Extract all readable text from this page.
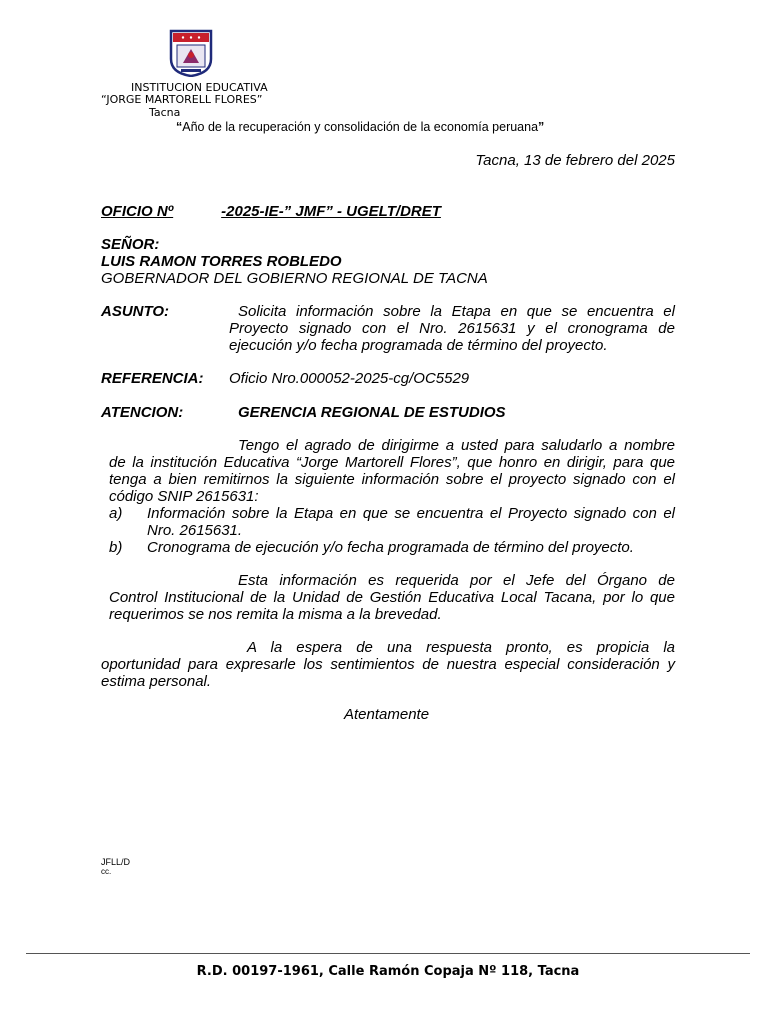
INSTITUCION EDUCATIVA
“JORGE MARTORELL FLORES”
Tacna
“Año de la recuperación y consolidación de la economía peruana”
Tacna, 13 de febrero del 2025
OFICIO Nº	-2025-IE-” JMF” - UGELT/DRET
SEÑOR:
LUIS RAMON TORRES ROBLEDO
GOBERNADOR DEL GOBIERNO REGIONAL DE TACNA
ASUNTO:	Solicita información sobre la Etapa en que se encuentra el
Proyecto signado con el Nro. 2615631 y el cronograma de
ejecución y/o fecha programada de término del proyecto.
REFERENCIA: Oficio Nro.000052-2025-cg/OC5529
ATENCION:	GERENCIA REGIONAL DE ESTUDIOS
Tengo el agrado de dirigirme a usted para saludarlo a nombre
de la institución Educativa “Jorge Martorell Flores”, que honro en dirigir, para que
tenga a bien remitirnos la siguiente información sobre el proyecto signado con el
código SNIP 2615631:
a) Información sobre la Etapa en que se encuentra el Proyecto signado con el
Nro. 2615631.
b) Cronograma de ejecución y/o fecha programada de término del proyecto.
Esta información es requerida por el Jefe del Órgano de
Control Institucional de la Unidad de Gestión Educativa Local Tacana, por lo que
requerimos se nos remita la misma a la brevedad.
A la espera de una respuesta pronto, es propicia la
oportunidad para expresarle los sentimientos de nuestra especial consideración y
estima personal.
Atentamente
JFLL/D
cc.
R.D. 00197-1961, Calle Ramón Copaja Nº 118, Tacna
